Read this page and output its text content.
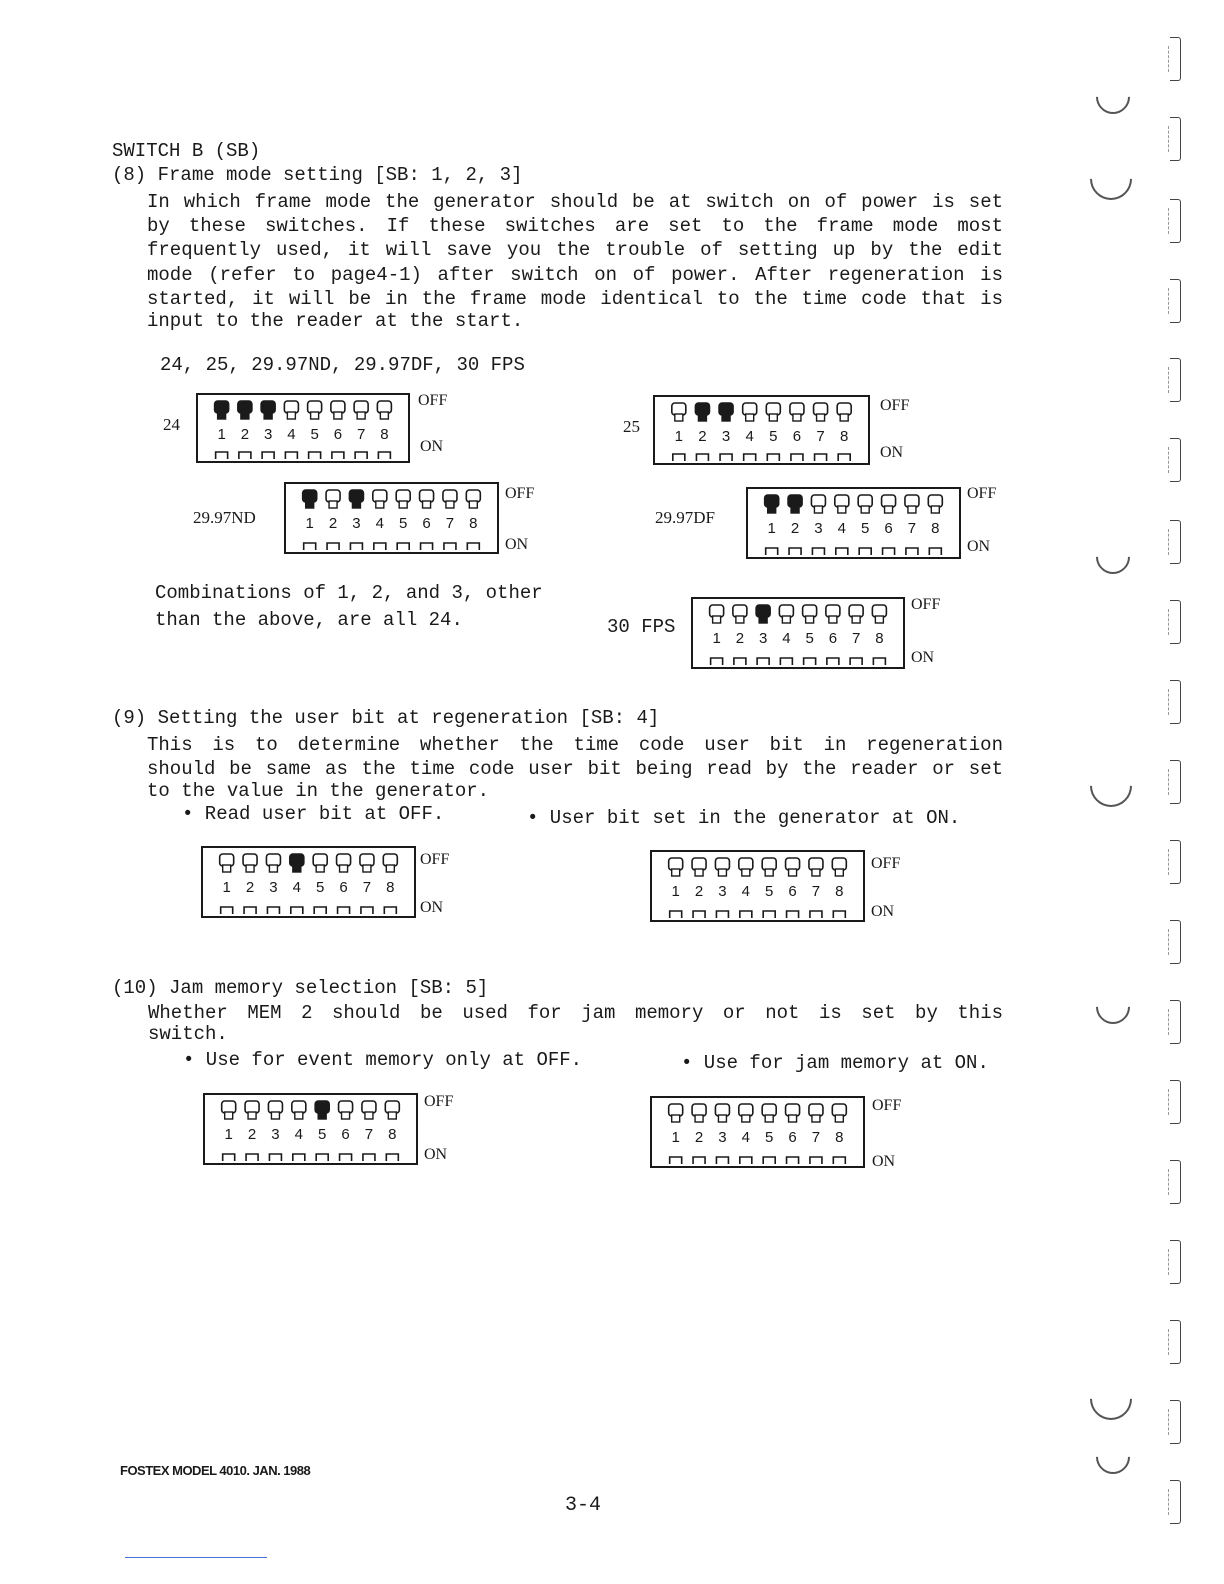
SWITCH B (SB)
(8) Frame mode setting [SB: 1, 2, 3]
In which frame mode the generator should be at switch on of power is set
by these switches. If these switches are set to the frame mode most
frequently used, it will save you the trouble of setting up by the edit
mode (refer to page4-1) after switch on of power. After regeneration is
started, it will be in the frame mode identical to the time code that is
input to the reader at the start.
24, 25, 29.97ND, 29.97DF, 30 FPS
24
1 2 3 4 5 6 7 8
OFF
ON
25
1 2 3 4 5 6 7 8
OFF
ON
29.97ND	1 2 3 4 5 6 7 8
OFF
ON
29.97DF
1 2 3 4 5 6 7 8
OFF
ON
Combinations of 1, 2, and 3, other
than the above, are all 24.	30 FPS
1 2 3 4 5 6 7 8
OFF
ON
(9) Setting the user bit at regeneration [SB: 4]
This is to determine whether the time code user bit in regeneration
should be same as the time code user bit being read by the reader or set
to the value in the generator.
• Read user bit at OFF.	• User bit set in the generator at ON.
1 2 3 4 5 6 7 8
OFF
ON
1 2 3 4 5 6 7 8
OFF
ON
(10) Jam memory selection [SB: 5]
Whether MEM 2 should be used for jam memory or not is set by this
switch.
• Use for event memory only at OFF.	• Use for jam memory at ON.
1 2 3 4 5 6 7 8
OFF
ON
1 2 3 4 5 6 7 8
OFF
ON
FOSTEX MODEL 4010. JAN. 1988
3-4
